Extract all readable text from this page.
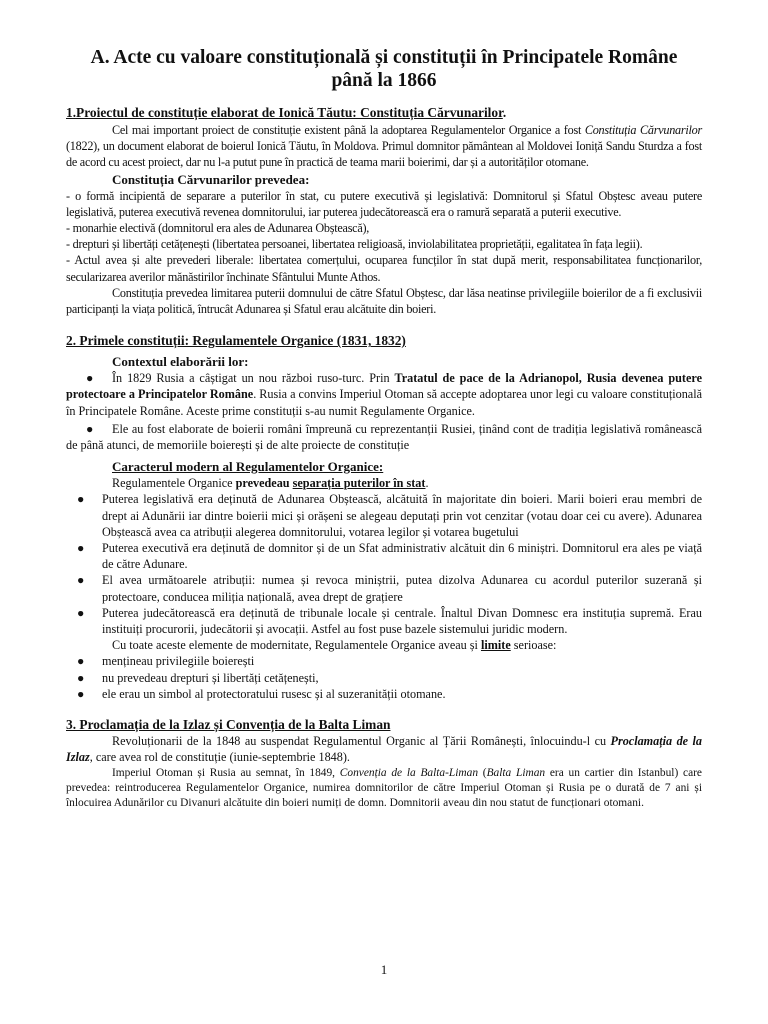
A. Acte cu valoare constituțională și constituții în Principatele Române
până la 1866
1.Proiectul de constituție elaborat de Ionică Tăutu: Constituția Cărvunarilor.

Cel mai important proiect de constituție existent până la adoptarea Regulamentelor Organice a fost Constituția Cărvunarilor (1822), un document elaborat de boierul Ionică Tăutu, în Moldova. Primul domnitor pământean al Moldovei Ioniță Sandu Sturdza a fost de acord cu acest proiect, dar nu l-a putut pune în practică de teama marii boierimi, dar și a autorităților otomane.

Constituția Cărvunarilor prevedea:

- o formă incipientă de separare a puterilor în stat, cu putere executivă și legislativă: Domnitorul și Sfatul Obștesc aveau putere legislativă, puterea executivă revenea domnitorului, iar puterea judecătorească era o ramură separată a puterii executive.

- monarhie electivă (domnitorul era ales de Adunarea Obștească),

- drepturi și libertăți cetățenești (libertatea persoanei, libertatea religioasă, inviolabilitatea proprietății, egalitatea în fața legii).

- Actul avea și alte prevederi liberale: libertatea comerțului, ocuparea funcților în stat după merit, responsabilitatea funcționarilor, secularizarea averilor mănăstirilor închinate Sfântului Munte Athos.

Constituția prevedea limitarea puterii domnului de către Sfatul Obștesc, dar lăsa neatinse privilegiile boierilor de a fi exclusivii participanți la viața politică, întrucât Adunarea și Sfatul erau alcătuite din boieri.

2. Primele constituții: Regulamentele Organice (1831, 1832)

Contextul elaborării lor:

● În 1829 Rusia a câștigat un nou război ruso-turc. Prin Tratatul de pace de la Adrianopol, Rusia devenea putere protectoare a Principatelor Române. Rusia a convins Imperiul Otoman să accepte adoptarea unor legi cu valoare constituțională în Principatele Române. Aceste prime constituții s-au numit Regulamente Organice.
● Ele au fost elaborate de boierii români împreună cu reprezentanții Rusiei, ținând cont de tradiția legislativă românească de până atunci, de memoriile boierești și de alte proiecte de constituție

Caracterul modern al Regulamentelor Organice:

Regulamentele Organice prevedeau separația puterilor în stat.

● Puterea legislativă era deținută de Adunarea Obștească, alcătuită în majoritate din boieri. Marii boieri erau membri de drept ai Adunării iar dintre boierii mici și orășeni se alegeau deputați prin vot cenzitar (votau doar cei cu avere). Adunarea Obștească avea ca atribuții alegerea domnitorului, votarea legilor și votarea bugetului
● Puterea executivă era deținută de domnitor și de un Sfat administrativ alcătuit din 6 miniștri. Domnitorul era ales pe viață de către Adunare.
● El avea următoarele atribuții: numea și revoca miniștrii, putea dizolva Adunarea cu acordul puterilor suzerană și protectoare, conducea miliția națională, avea drept de grațiere
● Puterea judecătorească era deținută de tribunale locale și centrale. Înaltul Divan Domnesc era instituția supremă. Erau instituiți procurorii, judecătorii și avocații. Astfel au fost puse bazele sistemului juridic modern.

Cu toate aceste elemente de modernitate, Regulamentele Organice aveau și limite serioase:

● mențineau privilegiile boierești
● nu prevedeau drepturi și libertăți cetățenești,
● ele erau un simbol al protectoratului rusesc și al suzeranității otomane.
3. Proclamația de la Izlaz și Convenția de la Balta Liman

Revoluționarii de la 1848 au suspendat Regulamentul Organic al Țării Românești, înlocuindu-l cu Proclamația de la Izlaz, care avea rol de constituție (iunie-septembrie 1848).

Imperiul Otoman și Rusia au semnat, în 1849, Convenția de la Balta-Liman (Balta Liman era un cartier din Istanbul) care prevedea: reintroducerea Regulamentelor Organice, numirea domnitorilor de către Imperiul Otoman și Rusia pe o durată de 7 ani și înlocuirea Adunărilor cu Divanuri alcătuite din boieri numiți de domn. Domnitorii aveau din nou statut de funcționari otomani.

1
